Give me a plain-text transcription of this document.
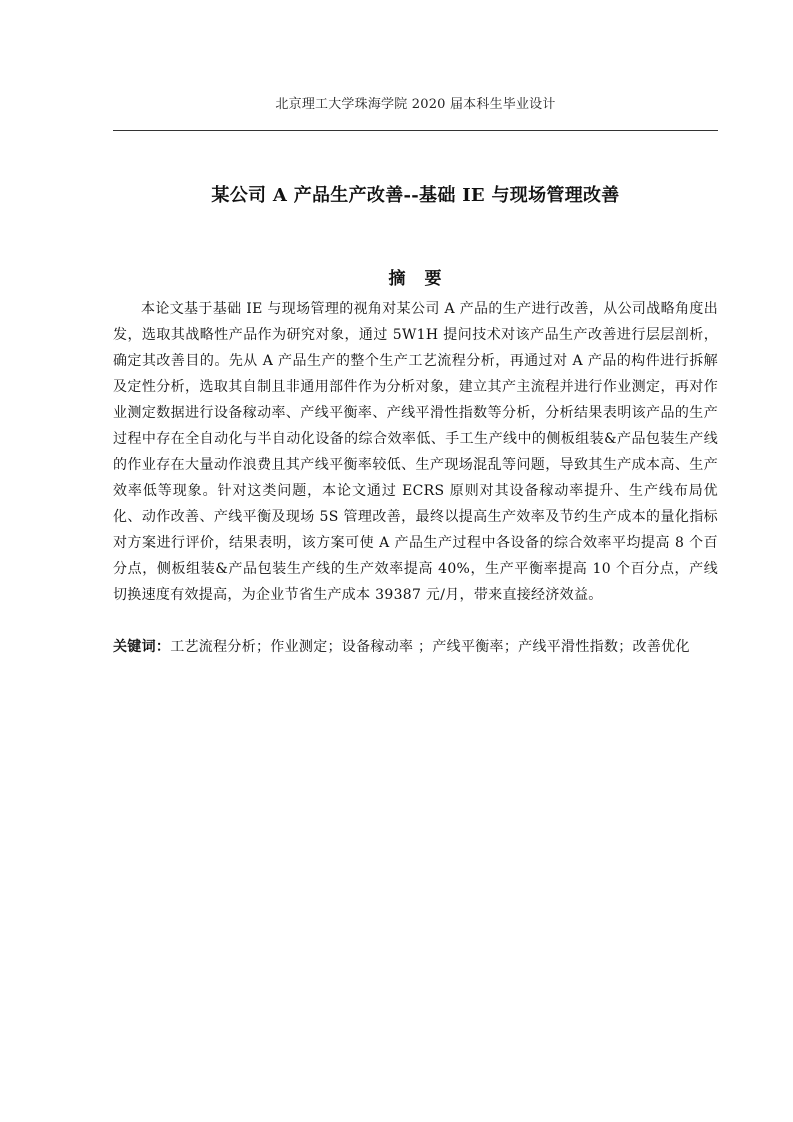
北京理工大学珠海学院 2020 届本科生毕业设计
某公司 A 产品生产改善--基础 IE 与现场管理改善
摘 要

本论文基于基础 IE 与现场管理的视角对某公司 A 产品的生产进行改善，从公司战略角度出发，选取其战略性产品作为研究对象，通过 5W1H 提问技术对该产品生产改善进行层层剖析，确定其改善目的。先从 A 产品生产的整个生产工艺流程分析，再通过对 A 产品的构件进行拆解及定性分析，选取其自制且非通用部件作为分析对象，建立其产主流程并进行作业测定，再对作业测定数据进行设备稼动率、产线平衡率、产线平滑性指数等分析，分析结果表明该产品的生产过程中存在全自动化与半自动化设备的综合效率低、手工生产线中的侧板组装&产品包装生产线的作业存在大量动作浪费且其产线平衡率较低、生产现场混乱等问题，导致其生产成本高、生产效率低等现象。针对这类问题，本论文通过 ECRS 原则对其设备稼动率提升、生产线布局优化、动作改善、产线平衡及现场 5S 管理改善，最终以提高生产效率及节约生产成本的量化指标对方案进行评价，结果表明，该方案可使 A 产品生产过程中各设备的综合效率平均提高 8 个百分点，侧板组装&产品包装生产线的生产效率提高 40%，生产平衡率提高 10 个百分点，产线切换速度有效提高，为企业节省生产成本 39387 元/月，带来直接经济效益。

关键词：工艺流程分析；作业测定；设备稼动率 ；产线平衡率；产线平滑性指数；改善优化
